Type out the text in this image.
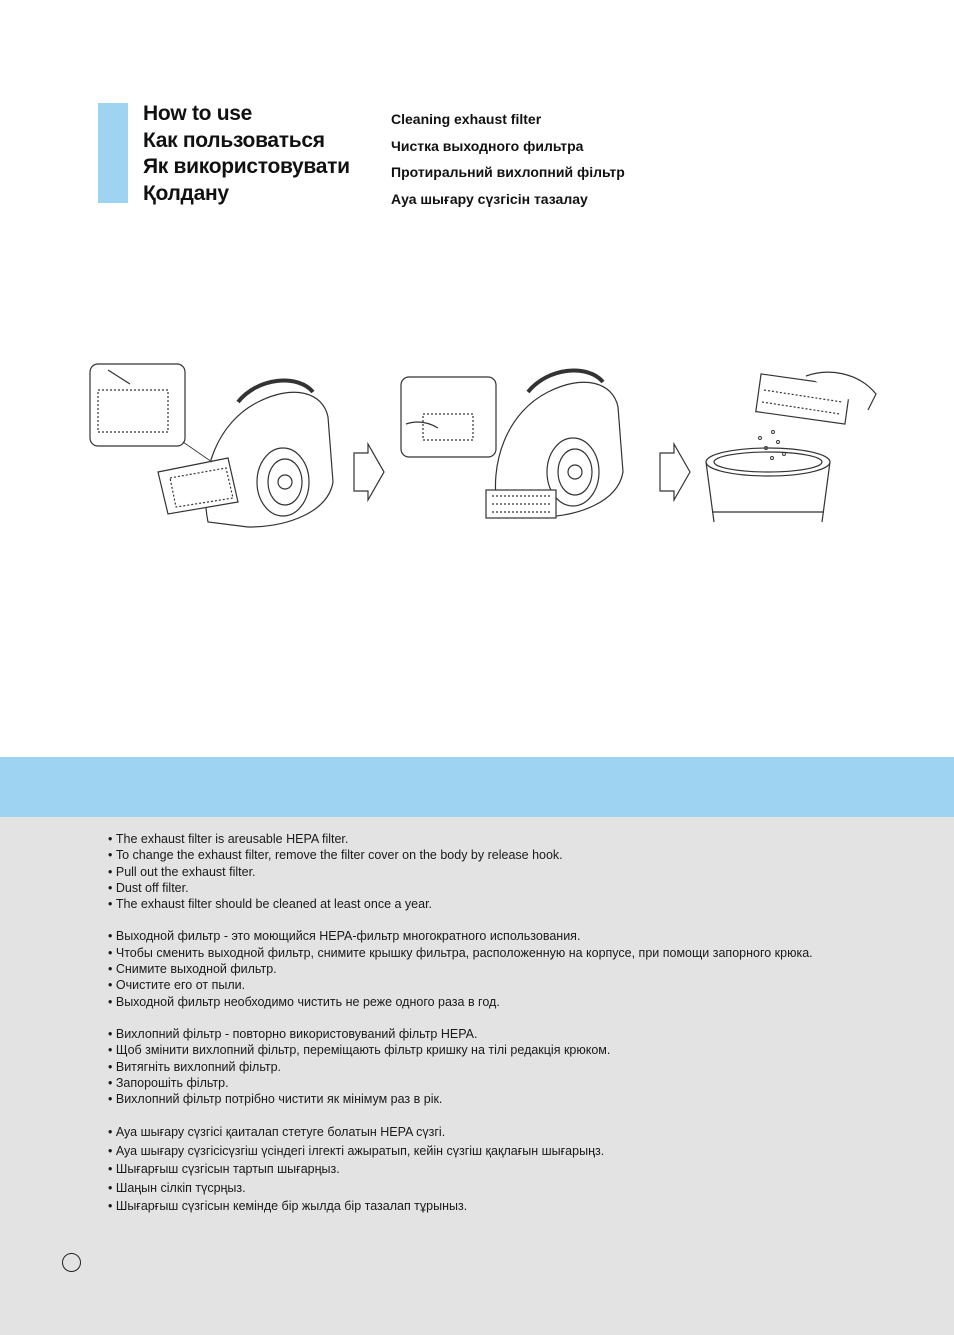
How to use
Как пользоваться
Як використовувати
Қолдану
Cleaning exhaust filter
Чистка выходного фильтра
Протиральний вихлопний фільтр
Ауа шығару сүзгісін тазалау
• The exhaust filter is areusable HEPA filter.
• To change the exhaust filter, remove the filter cover on the body by release hook.
• Pull out the exhaust filter.
• Dust off filter.
• The exhaust filter should be cleaned at least once a year.
• Выходной фильтр - это моющийся HEPA-фильтр многократного использования.
• Чтобы сменить выходной фильтр, снимите крышку фильтра, расположенную на корпусе, при помощи запорного крюка.
• Снимите выходной фильтр.
• Очистите его от пыли.
• Выходной фильтр необходимо чистить не реже одного раза в год.
• Вихлопний фільтр - повторно використовуваний фільтр HEPA.
• Щоб змінити вихлопний фільтр, переміщають фільтр кришку на тілі редакція крюком.
• Витягніть вихлопний фільтр.
• Запорошіть фільтр.
• Вихлопний фільтр потрібно чистити як мінімум раз в рік.
• Ауа шығару сүзгісі қаиталап стетуге болатын HEPA сүзгі.
• Ауа шығару сүзгісісүзгіш үсіндегі ілгекті ажыратып, кейін сүзгіш қақлағын шығарыңз.
• Шығарғыш сүзгісын тартып шығарңыз.
• Шаңын сілкіп түсрңыз.
• Шығарғыш сүзгісын кемінде бір жылда бір тазалап тұрыныз.
